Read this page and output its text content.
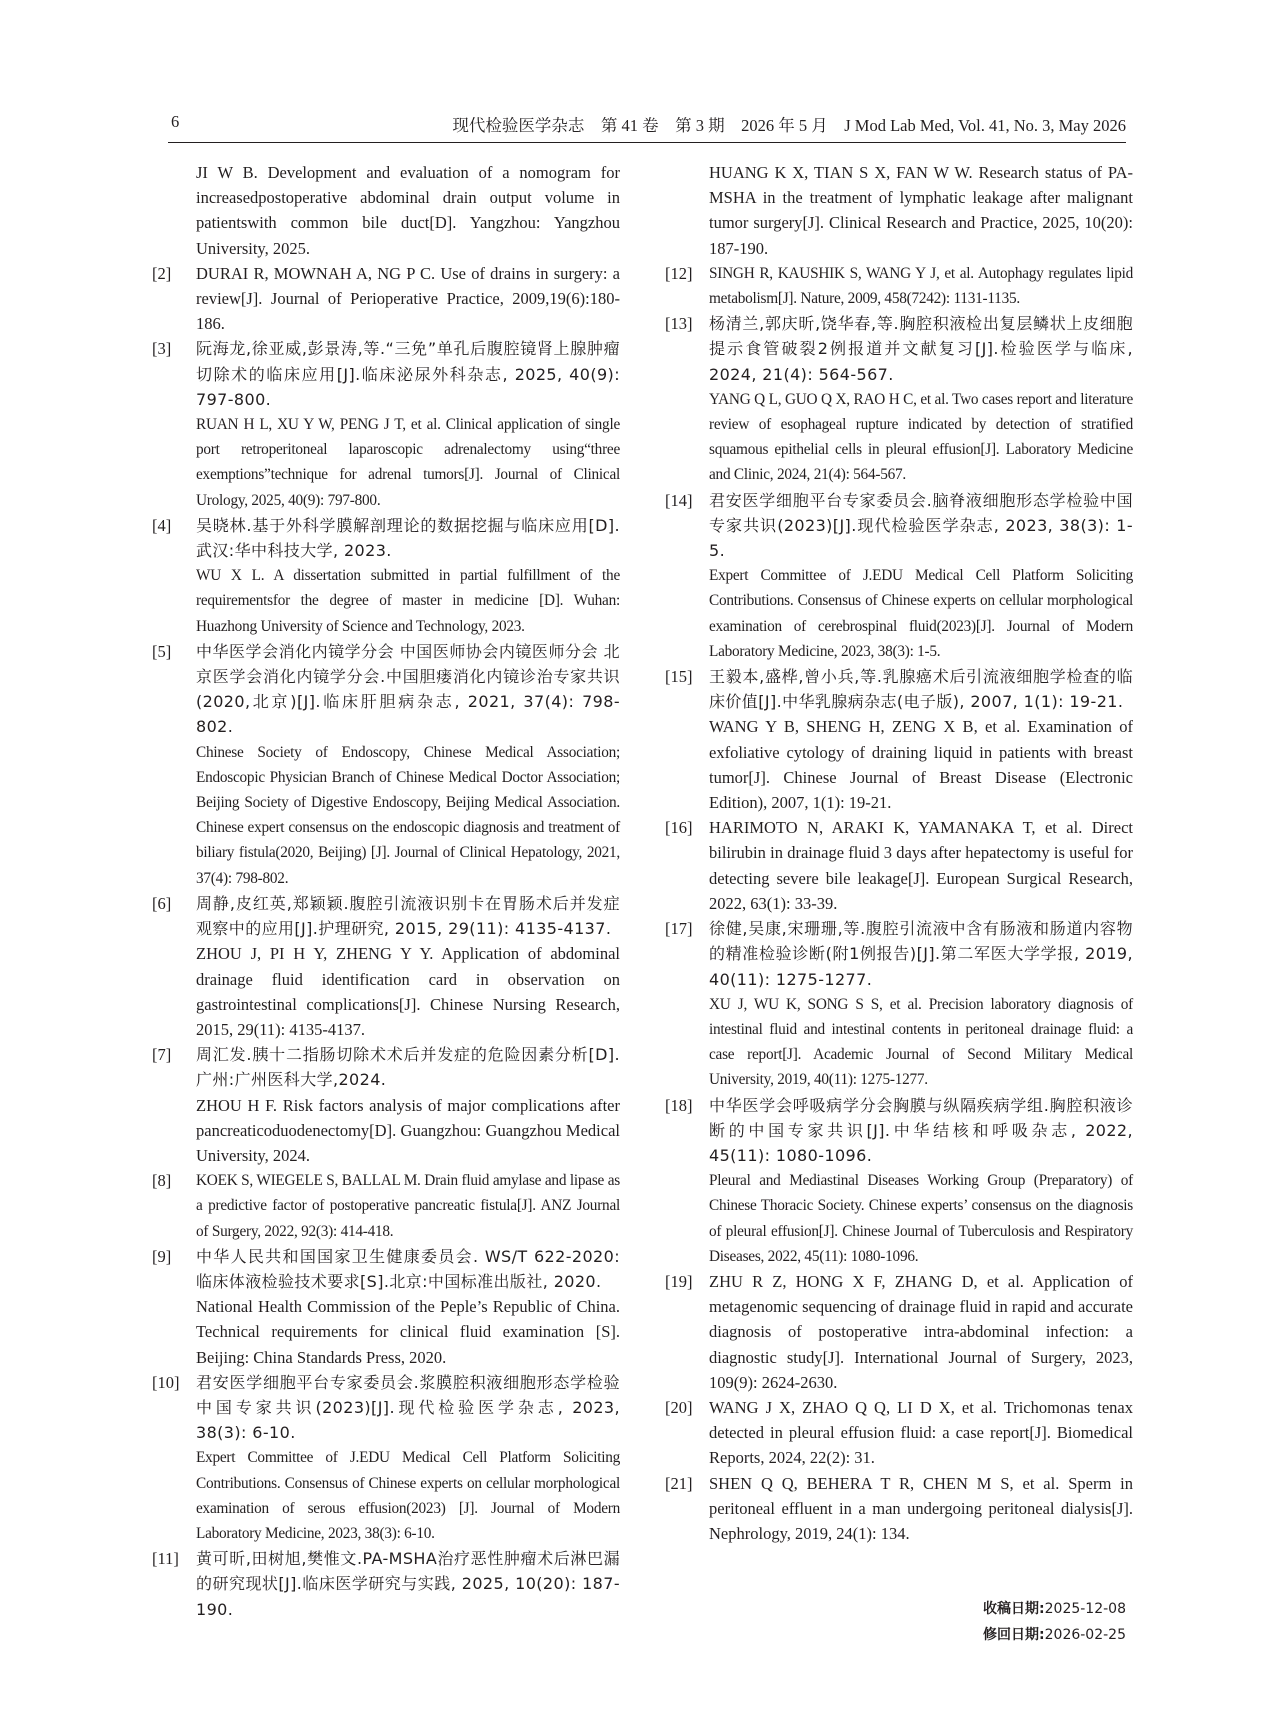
6	现代检验医学杂志　第 41 卷　第 3 期　2026 年 5 月　J Mod Lab Med, Vol. 41, No. 3, May 2026

JI W B. Development and evaluation of a nomogram for increasedpostoperative abdominal drain output volume in patientswith common bile duct[D]. Yangzhou: Yangzhou University, 2025.

[2] DURAI R, MOWNAH A, NG P C. Use of drains in surgery: a review[J]. Journal of Perioperative Practice, 2009,19(6):180-186.

[3] 阮海龙,徐亚威,彭景涛,等.“三免”单孔后腹腔镜肾上腺肿瘤切除术的临床应用[J].临床泌尿外科杂志, 2025, 40(9): 797-800.

RUAN H L, XU Y W, PENG J T, et al. Clinical application of single port retroperitoneal laparoscopic adrenalectomy using“three exemptions”technique for adrenal tumors[J]. Journal of Clinical Urology, 2025, 40(9): 797-800.

[4] 吴晓林.基于外科学膜解剖理论的数据挖掘与临床应用[D].武汉:华中科技大学, 2023.

WU X L. A dissertation submitted in partial fulfillment of the requirementsfor the degree of master in medicine [D]. Wuhan: Huazhong University of Science and Technology, 2023.

[5] 中华医学会消化内镜学分会 中国医师协会内镜医师分会 北京医学会消化内镜学分会.中国胆瘘消化内镜诊治专家共识(2020,北京)[J].临床肝胆病杂志, 2021, 37(4): 798-802.

Chinese Society of Endoscopy, Chinese Medical Association; Endoscopic Physician Branch of Chinese Medical Doctor Association; Beijing Society of Digestive Endoscopy, Beijing Medical Association. Chinese expert consensus on the endoscopic diagnosis and treatment of biliary fistula(2020, Beijing) [J]. Journal of Clinical Hepatology, 2021, 37(4): 798-802.

[6] 周静,皮红英,郑颖颖.腹腔引流液识别卡在胃肠术后并发症观察中的应用[J].护理研究, 2015, 29(11): 4135-4137.

ZHOU J, PI H Y, ZHENG Y Y. Application of abdominal drainage fluid identification card in observation on gastrointestinal complications[J]. Chinese Nursing Research, 2015, 29(11): 4135-4137.

[7] 周汇发.胰十二指肠切除术术后并发症的危险因素分析[D].广州:广州医科大学,2024.

ZHOU H F. Risk factors analysis of major complications after pancreaticoduodenectomy[D]. Guangzhou: Guangzhou Medical University, 2024.

[8] KOEK S, WIEGELE S, BALLAL M. Drain fluid amylase and lipase as a predictive factor of postoperative pancreatic fistula[J]. ANZ Journal of Surgery, 2022, 92(3): 414-418.

[9] 中华人民共和国国家卫生健康委员会. WS/T 622-2020:临床体液检验技术要求[S].北京:中国标准出版社, 2020.

National Health Commission of the Peple’s Republic of China. Technical requirements for clinical fluid examination [S]. Beijing: China Standards Press, 2020.

[10] 君安医学细胞平台专家委员会.浆膜腔积液细胞形态学检验中国专家共识(2023)[J].现代检验医学杂志, 2023, 38(3): 6-10.

Expert Committee of J.EDU Medical Cell Platform Soliciting Contributions. Consensus of Chinese experts on cellular morphological examination of serous effusion(2023) [J]. Journal of Modern Laboratory Medicine, 2023, 38(3): 6-10.

[11] 黄可昕,田树旭,樊惟文.PA-MSHA治疗恶性肿瘤术后淋巴漏的研究现状[J].临床医学研究与实践, 2025, 10(20): 187-190.

HUANG K X, TIAN S X, FAN W W. Research status of PA-MSHA in the treatment of lymphatic leakage after malignant tumor surgery[J]. Clinical Research and Practice, 2025, 10(20): 187-190.

[12] SINGH R, KAUSHIK S, WANG Y J, et al. Autophagy regulates lipid metabolism[J]. Nature, 2009, 458(7242): 1131-1135.

[13] 杨清兰,郭庆昕,饶华春,等.胸腔积液检出复层鳞状上皮细胞提示食管破裂2例报道并文献复习[J].检验医学与临床, 2024, 21(4): 564-567.

YANG Q L, GUO Q X, RAO H C, et al. Two cases report and literature review of esophageal rupture indicated by detection of stratified squamous epithelial cells in pleural effusion[J]. Laboratory Medicine and Clinic, 2024, 21(4): 564-567.

[14] 君安医学细胞平台专家委员会.脑脊液细胞形态学检验中国专家共识(2023)[J].现代检验医学杂志, 2023, 38(3): 1-5.

Expert Committee of J.EDU Medical Cell Platform Soliciting Contributions. Consensus of Chinese experts on cellular morphological examination of cerebrospinal fluid(2023)[J]. Journal of Modern Laboratory Medicine, 2023, 38(3): 1-5.

[15] 王毅本,盛桦,曾小兵,等.乳腺癌术后引流液细胞学检查的临床价值[J].中华乳腺病杂志(电子版), 2007, 1(1): 19-21.

WANG Y B, SHENG H, ZENG X B, et al. Examination of exfoliative cytology of draining liquid in patients with breast tumor[J]. Chinese Journal of Breast Disease (Electronic Edition), 2007, 1(1): 19-21.

[16] HARIMOTO N, ARAKI K, YAMANAKA T, et al. Direct bilirubin in drainage fluid 3 days after hepatectomy is useful for detecting severe bile leakage[J]. European Surgical Research, 2022, 63(1): 33-39.

[17] 徐健,吴康,宋珊珊,等.腹腔引流液中含有肠液和肠道内容物的精准检验诊断(附1例报告)[J].第二军医大学学报, 2019, 40(11): 1275-1277.

XU J, WU K, SONG S S, et al. Precision laboratory diagnosis of intestinal fluid and intestinal contents in peritoneal drainage fluid: a case report[J]. Academic Journal of Second Military Medical University, 2019, 40(11): 1275-1277.

[18] 中华医学会呼吸病学分会胸膜与纵隔疾病学组.胸腔积液诊断的中国专家共识[J].中华结核和呼吸杂志, 2022, 45(11): 1080-1096.

Pleural and Mediastinal Diseases Working Group (Preparatory) of Chinese Thoracic Society. Chinese experts’ consensus on the diagnosis of pleural effusion[J]. Chinese Journal of Tuberculosis and Respiratory Diseases, 2022, 45(11): 1080-1096.

[19] ZHU R Z, HONG X F, ZHANG D, et al. Application of metagenomic sequencing of drainage fluid in rapid and accurate diagnosis of postoperative intra-abdominal infection: a diagnostic study[J]. International Journal of Surgery, 2023, 109(9): 2624-2630.

[20] WANG J X, ZHAO Q Q, LI D X, et al. Trichomonas tenax detected in pleural effusion fluid: a case report[J]. Biomedical Reports, 2024, 22(2): 31.

[21] SHEN Q Q, BEHERA T R, CHEN M S, et al. Sperm in peritoneal effluent in a man undergoing peritoneal dialysis[J]. Nephrology, 2019, 24(1): 134.

收稿日期:2025-12-08
修回日期:2026-02-25
